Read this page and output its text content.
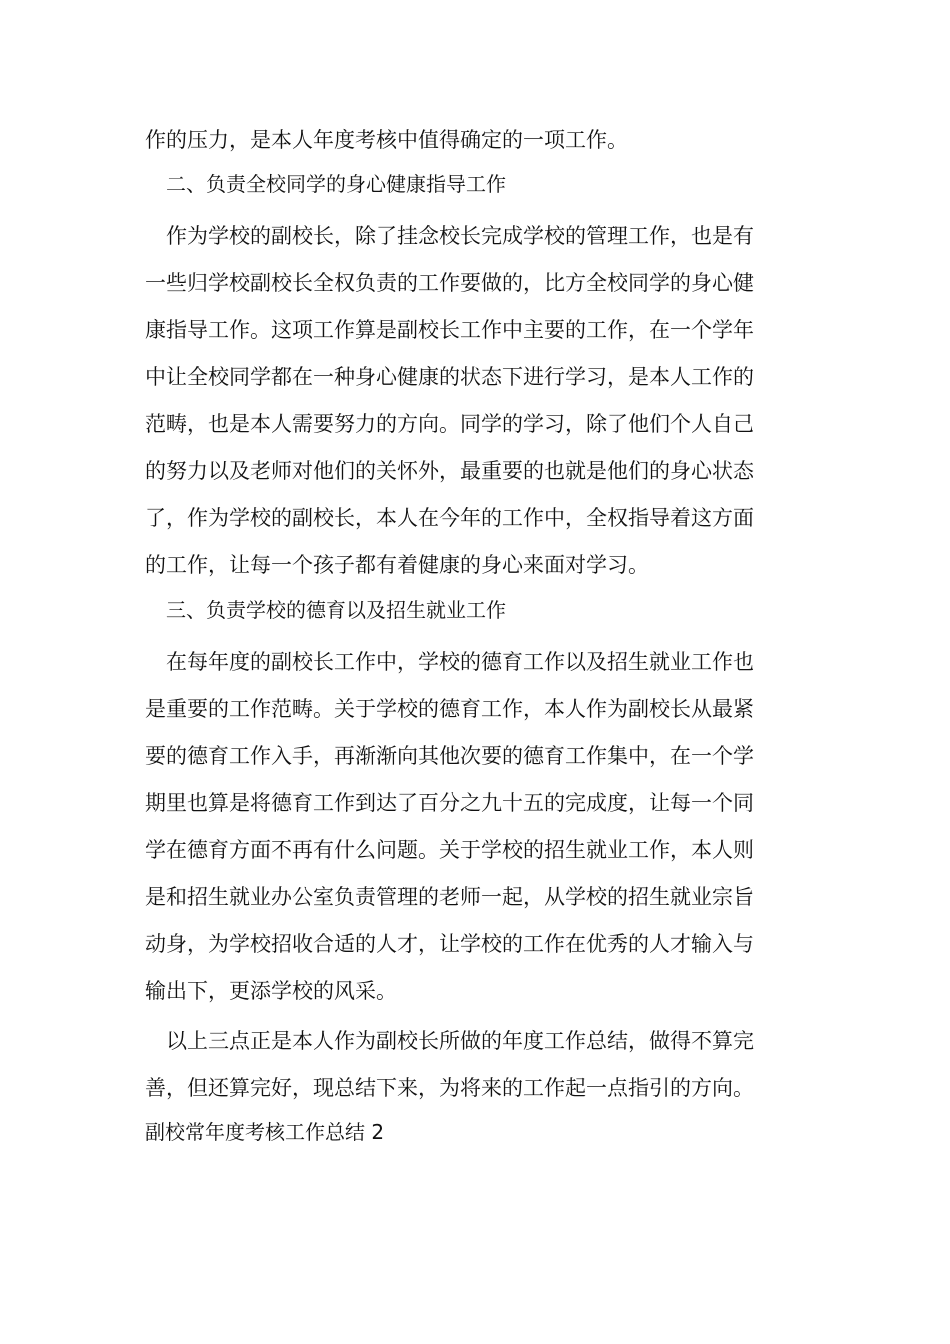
作的压力，是本人年度考核中值得确定的一项工作。
二、负责全校同学的身心健康指导工作
作为学校的副校长，除了挂念校长完成学校的管理工作，也是有
一些归学校副校长全权负责的工作要做的，比方全校同学的身心健
康指导工作。这项工作算是副校长工作中主要的工作，在一个学年
中让全校同学都在一种身心健康的状态下进行学习，是本人工作的
范畴，也是本人需要努力的方向。同学的学习，除了他们个人自己
的努力以及老师对他们的关怀外，最重要的也就是他们的身心状态
了，作为学校的副校长，本人在今年的工作中，全权指导着这方面
的工作，让每一个孩子都有着健康的身心来面对学习。
三、负责学校的德育以及招生就业工作
在每年度的副校长工作中，学校的德育工作以及招生就业工作也
是重要的工作范畴。关于学校的德育工作，本人作为副校长从最紧
要的德育工作入手，再渐渐向其他次要的德育工作集中，在一个学
期里也算是将德育工作到达了百分之九十五的完成度，让每一个同
学在德育方面不再有什么问题。关于学校的招生就业工作，本人则
是和招生就业办公室负责管理的老师一起，从学校的招生就业宗旨
动身，为学校招收合适的人才，让学校的工作在优秀的人才输入与
输出下，更添学校的风采。
以上三点正是本人作为副校长所做的年度工作总结，做得不算完
善，但还算完好，现总结下来，为将来的工作起一点指引的方向。
副校常年度考核工作总结 2
